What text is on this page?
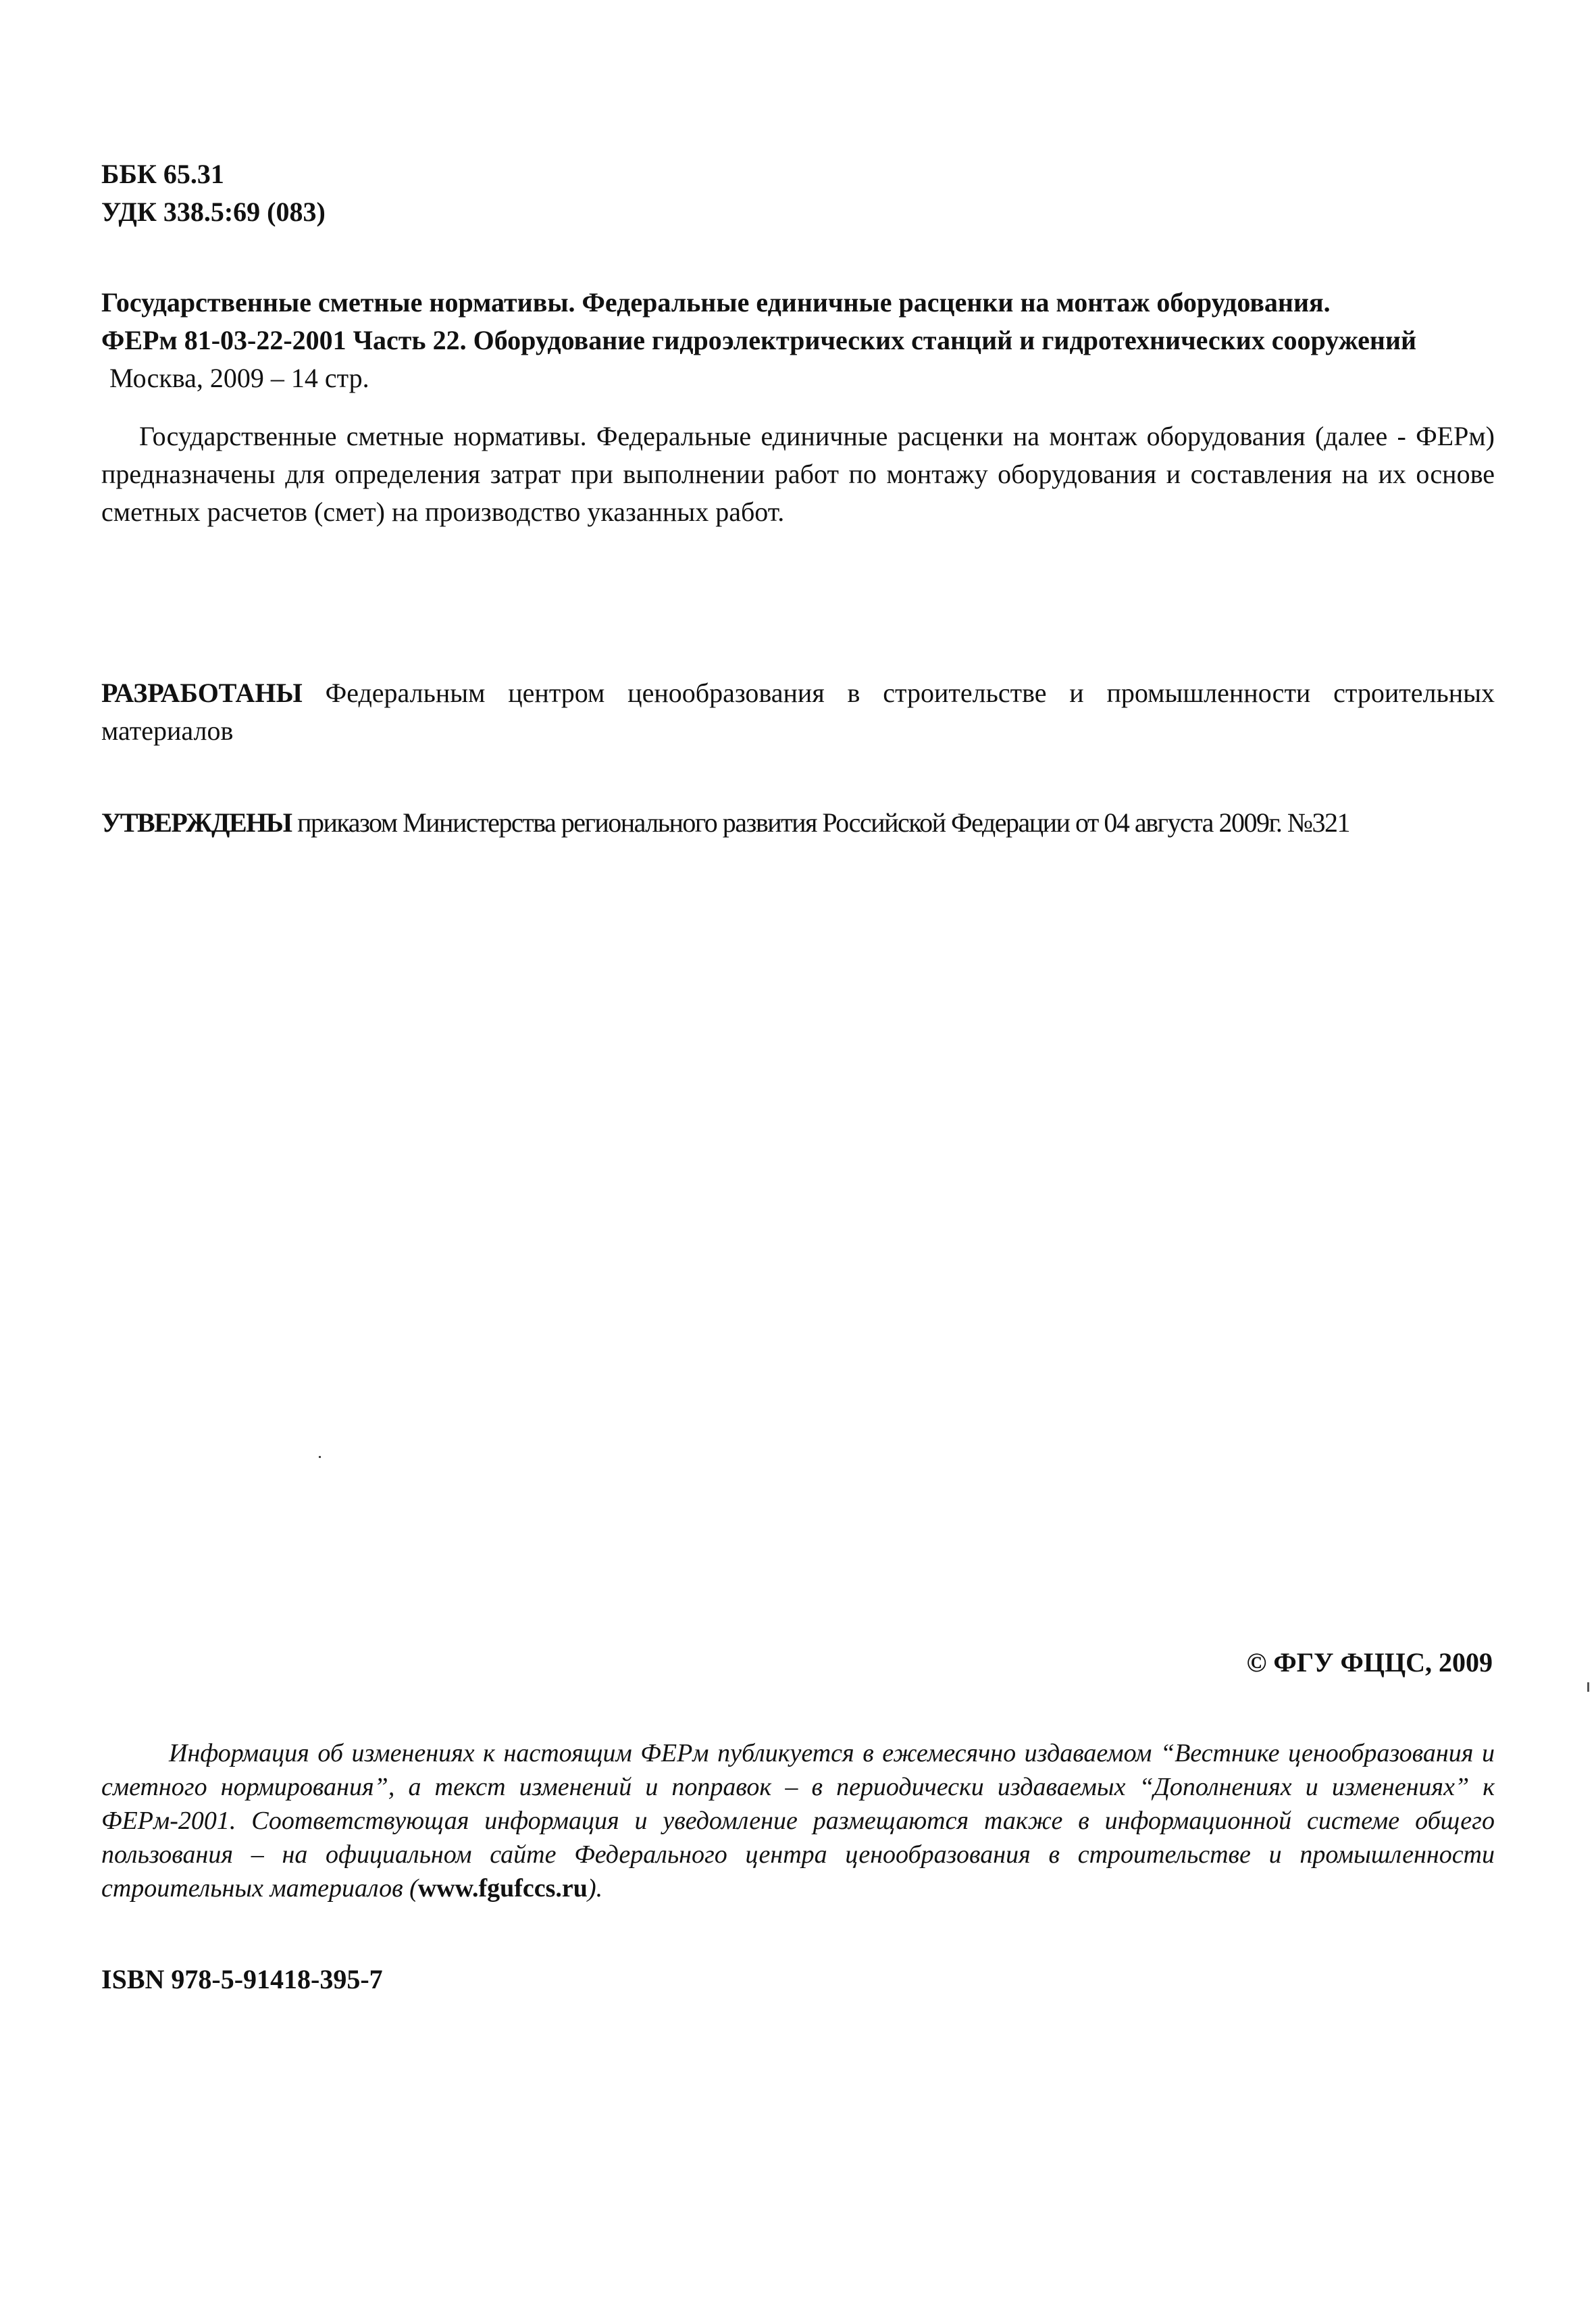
ББК 65.31
УДК 338.5:69 (083)
Государственные сметные нормативы. Федеральные единичные расценки на монтаж оборудования.
ФЕРм 81-03-22-2001 Часть 22. Оборудование гидроэлектрических станций и гидротехнических сооружений
Москва, 2009 – 14 стр.
Государственные сметные нормативы. Федеральные единичные расценки на монтаж оборудования (далее - ФЕРм) предназначены для определения затрат при выполнении работ по монтажу оборудования и составления на их основе сметных расчетов (смет) на производство указанных работ.
РАЗРАБОТАНЫ Федеральным центром ценообразования в строительстве и промышленности строительных материалов
УТВЕРЖДЕНЫ приказом Министерства регионального развития Российской Федерации от 04 августа 2009г. №321
© ФГУ ФЦЦС, 2009
Информация об изменениях к настоящим ФЕРм публикуется в ежемесячно издаваемом “Вестнике ценообразования и сметного нормирования”, а текст изменений и поправок – в периодически издаваемых “Дополнениях и изменениях” к ФЕРм-2001. Соответствующая информация и уведомление размещаются также в информационной системе общего пользования – на официальном сайте Федерального центра ценообразования в строительстве и промышленности строительных материалов (www.fgufccs.ru).
ISBN 978-5-91418-395-7
